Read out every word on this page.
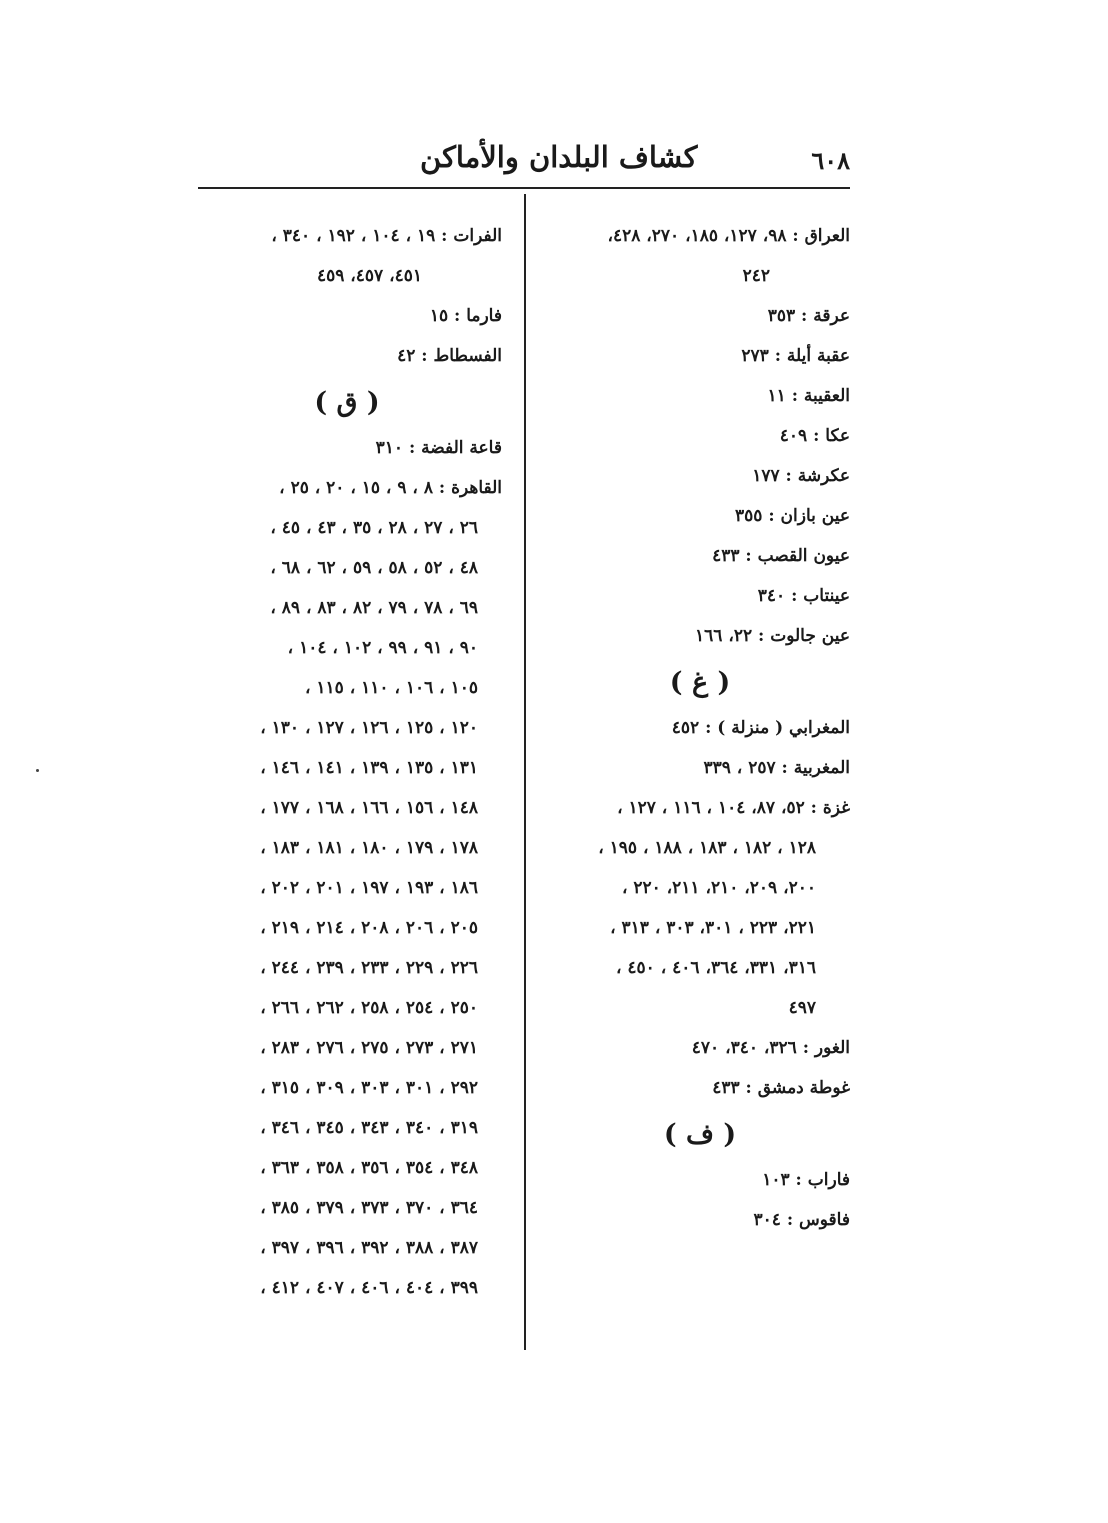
كشاف البلدان والأماكن	٦٠٨
العراق : ٩٨، ١٢٧، ١٨٥، ٢٧٠، ٤٢٨،
٢٤٢
عرقة : ٣٥٣
عقبة أيلة : ٢٧٣
العقيبة : ١١
عكا : ٤٠٩
عكرشة : ١٧٧
عين بازان : ٣٥٥
عيون القصب : ٤٣٣
عينتاب : ٣٤٠
عين جالوت : ٢٢، ١٦٦
( غ )
المغرابي ( منزلة ) : ٤٥٢
المغربية : ٢٥٧ ، ٣٣٩
غزة : ٥٢، ٨٧، ١٠٤ ، ١١٦ ، ١٢٧ ،
١٢٨ ، ١٨٢ ، ١٨٣ ، ١٨٨ ، ١٩٥ ،
٢٠٠، ٢٠٩، ٢١٠، ٢١١، ٢٢٠ ،
٢٢١، ٢٢٣ ، ٣٠١، ٣٠٣ ، ٣١٣ ،
٣١٦، ٣٣١، ٣٦٤، ٤٠٦ ، ٤٥٠ ،
٤٩٧
الغور : ٣٢٦، ٣٤٠، ٤٧٠
غوطة دمشق : ٤٣٣
( ف )
فاراب : ١٠٣
فاقوس : ٣٠٤
الفرات : ١٩ ، ١٠٤ ، ١٩٢ ، ٣٤٠ ،
٤٥١، ٤٥٧، ٤٥٩
فارما : ١٥
الفسطاط : ٤٢
( ق )
قاعة الفضة : ٣١٠
القاهرة : ٨ ، ٩ ، ١٥ ، ٢٠ ، ٢٥ ،
٢٦ ، ٢٧ ، ٢٨ ، ٣٥ ، ٤٣ ، ٤٥ ،
٤٨ ، ٥٢ ، ٥٨ ، ٥٩ ، ٦٢ ، ٦٨ ،
٦٩ ، ٧٨ ، ٧٩ ، ٨٢ ، ٨٣ ، ٨٩ ،
٩٠ ، ٩١ ، ٩٩ ، ١٠٢ ، ١٠٤ ،
١٠٥ ، ١٠٦ ، ١١٠ ، ١١٥ ،
١٢٠ ، ١٢٥ ، ١٢٦ ، ١٢٧ ، ١٣٠ ،
١٣١ ، ١٣٥ ، ١٣٩ ، ١٤١ ، ١٤٦ ،
١٤٨ ، ١٥٦ ، ١٦٦ ، ١٦٨ ، ١٧٧ ،
١٧٨ ، ١٧٩ ، ١٨٠ ، ١٨١ ، ١٨٣ ،
١٨٦ ، ١٩٣ ، ١٩٧ ، ٢٠١ ، ٢٠٢ ،
٢٠٥ ، ٢٠٦ ، ٢٠٨ ، ٢١٤ ، ٢١٩ ،
٢٢٦ ، ٢٢٩ ، ٢٣٣ ، ٢٣٩ ، ٢٤٤ ،
٢٥٠ ، ٢٥٤ ، ٢٥٨ ، ٢٦٢ ، ٢٦٦ ،
٢٧١ ، ٢٧٣ ، ٢٧٥ ، ٢٧٦ ، ٢٨٣ ،
٢٩٢ ، ٣٠١ ، ٣٠٣ ، ٣٠٩ ، ٣١٥ ،
٣١٩ ، ٣٤٠ ، ٣٤٣ ، ٣٤٥ ، ٣٤٦ ،
٣٤٨ ، ٣٥٤ ، ٣٥٦ ، ٣٥٨ ، ٣٦٣ ،
٣٦٤ ، ٣٧٠ ، ٣٧٣ ، ٣٧٩ ، ٣٨٥ ،
٣٨٧ ، ٣٨٨ ، ٣٩٢ ، ٣٩٦ ، ٣٩٧ ،
٣٩٩ ، ٤٠٤ ، ٤٠٦ ، ٤٠٧ ، ٤١٢ ،
